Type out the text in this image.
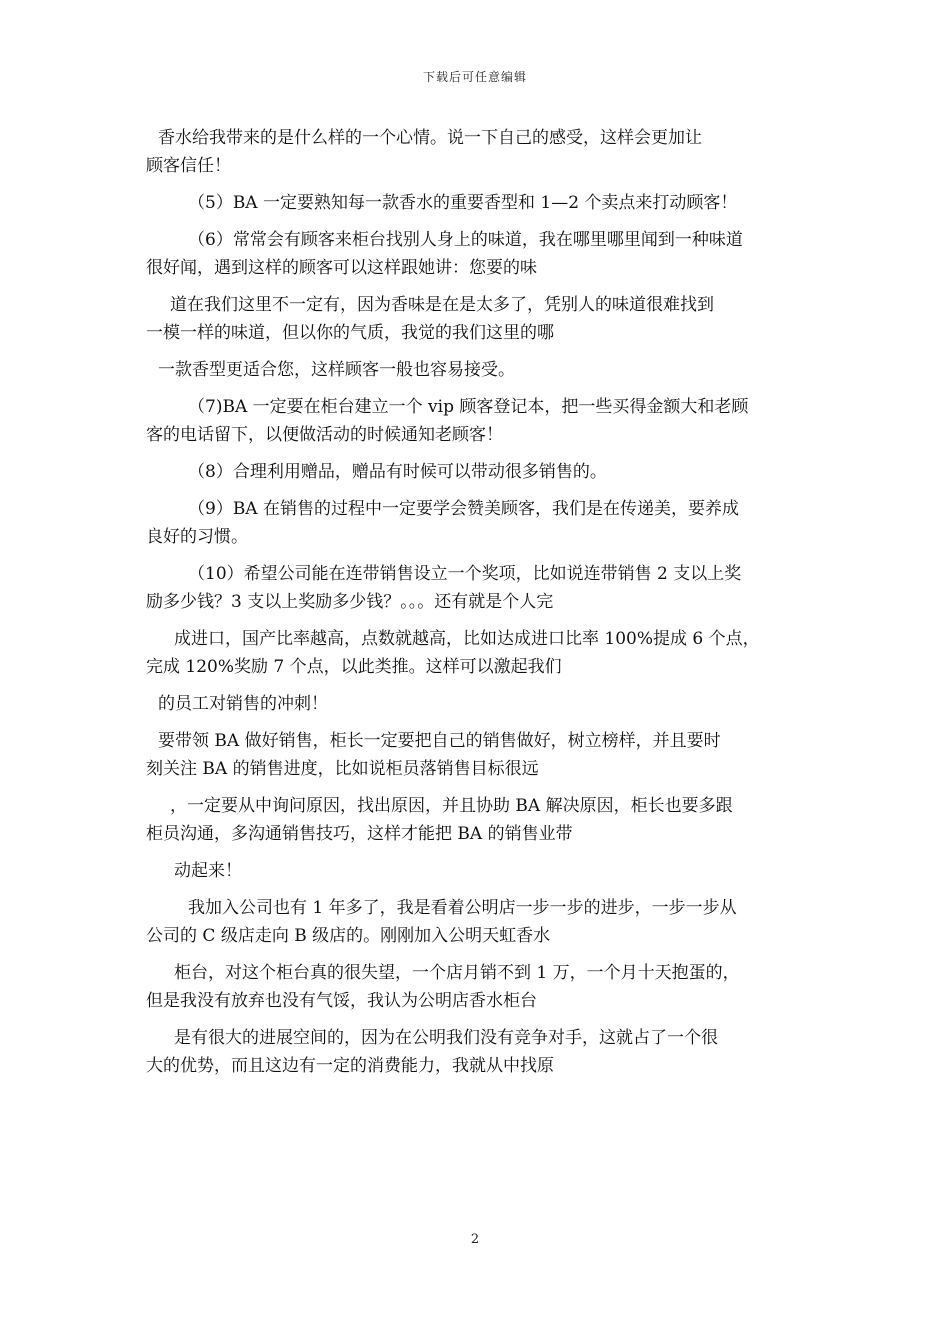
下载后可任意编辑
香水给我带来的是什么样的一个心情。说一下自己的感受，这样会更加让
顾客信任！
（5）BA 一定要熟知每一款香水的重要香型和 1—2 个卖点来打动顾客！
（6）常常会有顾客来柜台找别人身上的味道，我在哪里哪里闻到一种味道
很好闻，遇到这样的顾客可以这样跟她讲：您要的味
道在我们这里不一定有，因为香味是在是太多了，凭别人的味道很难找到
一模一样的味道，但以你的气质，我觉的我们这里的哪
一款香型更适合您，这样顾客一般也容易接受。
（7)BA 一定要在柜台建立一个 vip 顾客登记本，把一些买得金额大和老顾
客的电话留下，以便做活动的时候通知老顾客！
（8）合理利用赠品，赠品有时候可以带动很多销售的。
（9）BA 在销售的过程中一定要学会赞美顾客，我们是在传递美，要养成
良好的习惯。
（10）希望公司能在连带销售设立一个奖项，比如说连带销售 2 支以上奖
励多少钱？3 支以上奖励多少钱？。。。还有就是个人完
成进口，国产比率越高，点数就越高，比如达成进口比率 100%提成 6 个点，
完成 120%奖励 7 个点，以此类推。这样可以激起我们
的员工对销售的冲刺！
要带领 BA 做好销售，柜长一定要把自己的销售做好，树立榜样，并且要时
刻关注 BA 的销售进度，比如说柜员落销售目标很远
，一定要从中询问原因，找出原因，并且协助 BA 解决原因，柜长也要多跟
柜员沟通，多沟通销售技巧，这样才能把 BA 的销售业带
动起来！
我加入公司也有 1 年多了，我是看着公明店一步一步的进步，一步一步从
公司的 C 级店走向 B 级店的。刚刚加入公明天虹香水
柜台，对这个柜台真的很失望，一个店月销不到 1 万，一个月十天抱蛋的，
但是我没有放弃也没有气馁，我认为公明店香水柜台
是有很大的进展空间的，因为在公明我们没有竞争对手，这就占了一个很
大的优势，而且这边有一定的消费能力，我就从中找原
2
